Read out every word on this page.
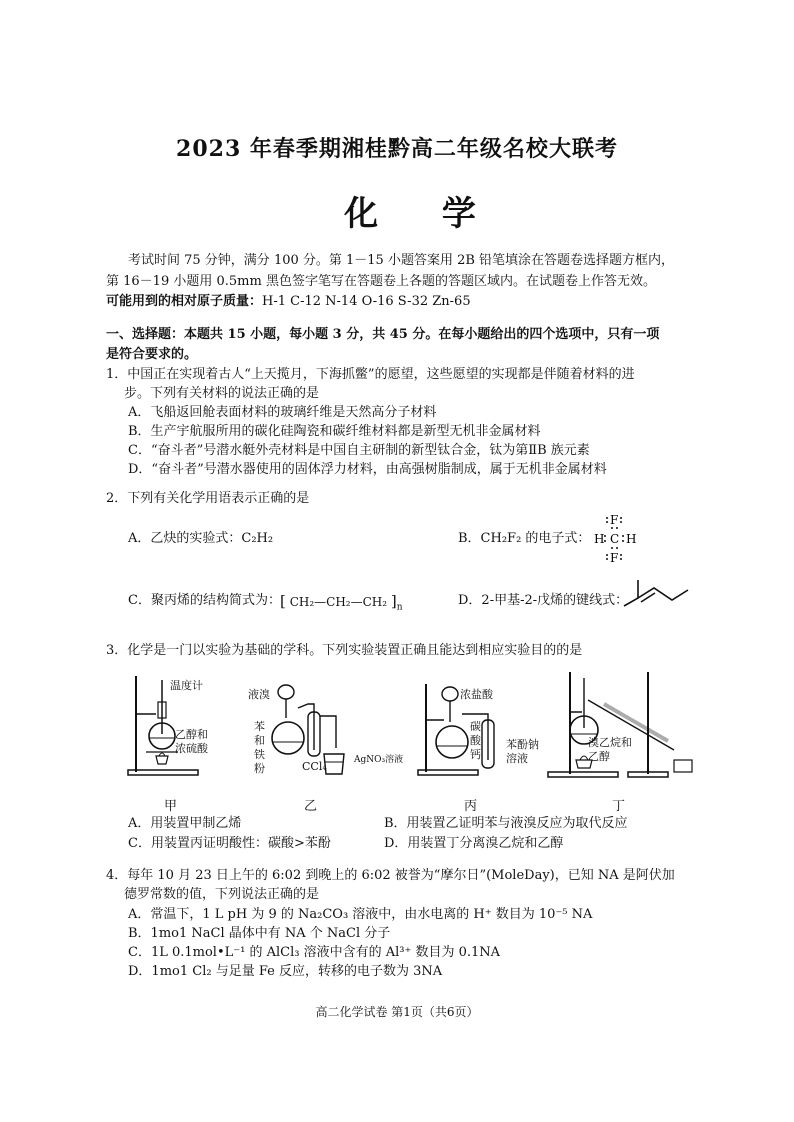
2023 年春季期湘桂黔高二年级名校大联考
化 学
考试时间 75 分钟，满分 100 分。第 1－15 小题答案用 2B 铅笔填涂在答题卷选择题方框内，
第 16－19 小题用 0.5mm 黑色签字笔写在答题卷上各题的答题区域内。在试题卷上作答无效。
可能用到的相对原子质量：H-1 C-12 N-14 O-16 S-32 Zn-65
一、选择题：本题共 15 小题，每小题 3 分，共 45 分。在每小题给出的四个选项中，只有一项
是符合要求的。
1．中国正在实现着古人“上天揽月，下海抓鳖”的愿望，这些愿望的实现都是伴随着材料的进
步。下列有关材料的说法正确的是
A．飞船返回舱表面材料的玻璃纤维是天然高分子材料
B．生产宇航服所用的碳化硅陶瓷和碳纤维材料都是新型无机非金属材料
C．“奋斗者”号潜水艇外壳材料是中国自主研制的新型钛合金，钛为第ⅡB 族元素
D．“奋斗者”号潜水器使用的固体浮力材料，由高强树脂制成，属于无机非金属材料
2．下列有关化学用语表示正确的是
A．乙炔的实验式：C₂H₂	B．CH₂F₂ 的电子式：
F
H C H
F
C．聚丙烯的结构简式为： [ CH₂—CH₂—CH₂ ]$_n$	D．2-甲基-2-戊烯的键线式：
3．化学是一门以实验为基础的学科。下列实验装置正确且能达到相应实验目的的是
温度计
乙醇和
浓硫酸
液溴
苯
和
铁
粉	CCl₄	AgNO₃溶液
浓盐酸
碳
酸
钙
苯酚钠
溶液
溴乙烷和
乙醇
甲	乙	丙	丁
A．用装置甲制乙烯	B．用装置乙证明苯与液溴反应为取代反应
C．用装置丙证明酸性：碳酸>苯酚	D．用装置丁分离溴乙烷和乙醇
4．每年 10 月 23 日上午的 6:02 到晚上的 6:02 被誉为“摩尔日”(MoleDay)，已知 NA 是阿伏加
德罗常数的值，下列说法正确的是
A．常温下，1 L pH 为 9 的 Na₂CO₃ 溶液中，由水电离的 H⁺ 数目为 10⁻⁵ NA
B．1mo1 NaCl 晶体中有 NA 个 NaCl 分子
C．1L 0.1mol•L⁻¹ 的 AlCl₃ 溶液中含有的 Al³⁺ 数目为 0.1NA
D．1mo1 Cl₂ 与足量 Fe 反应，转移的电子数为 3NA
高二化学试卷 第1页（共6页）
